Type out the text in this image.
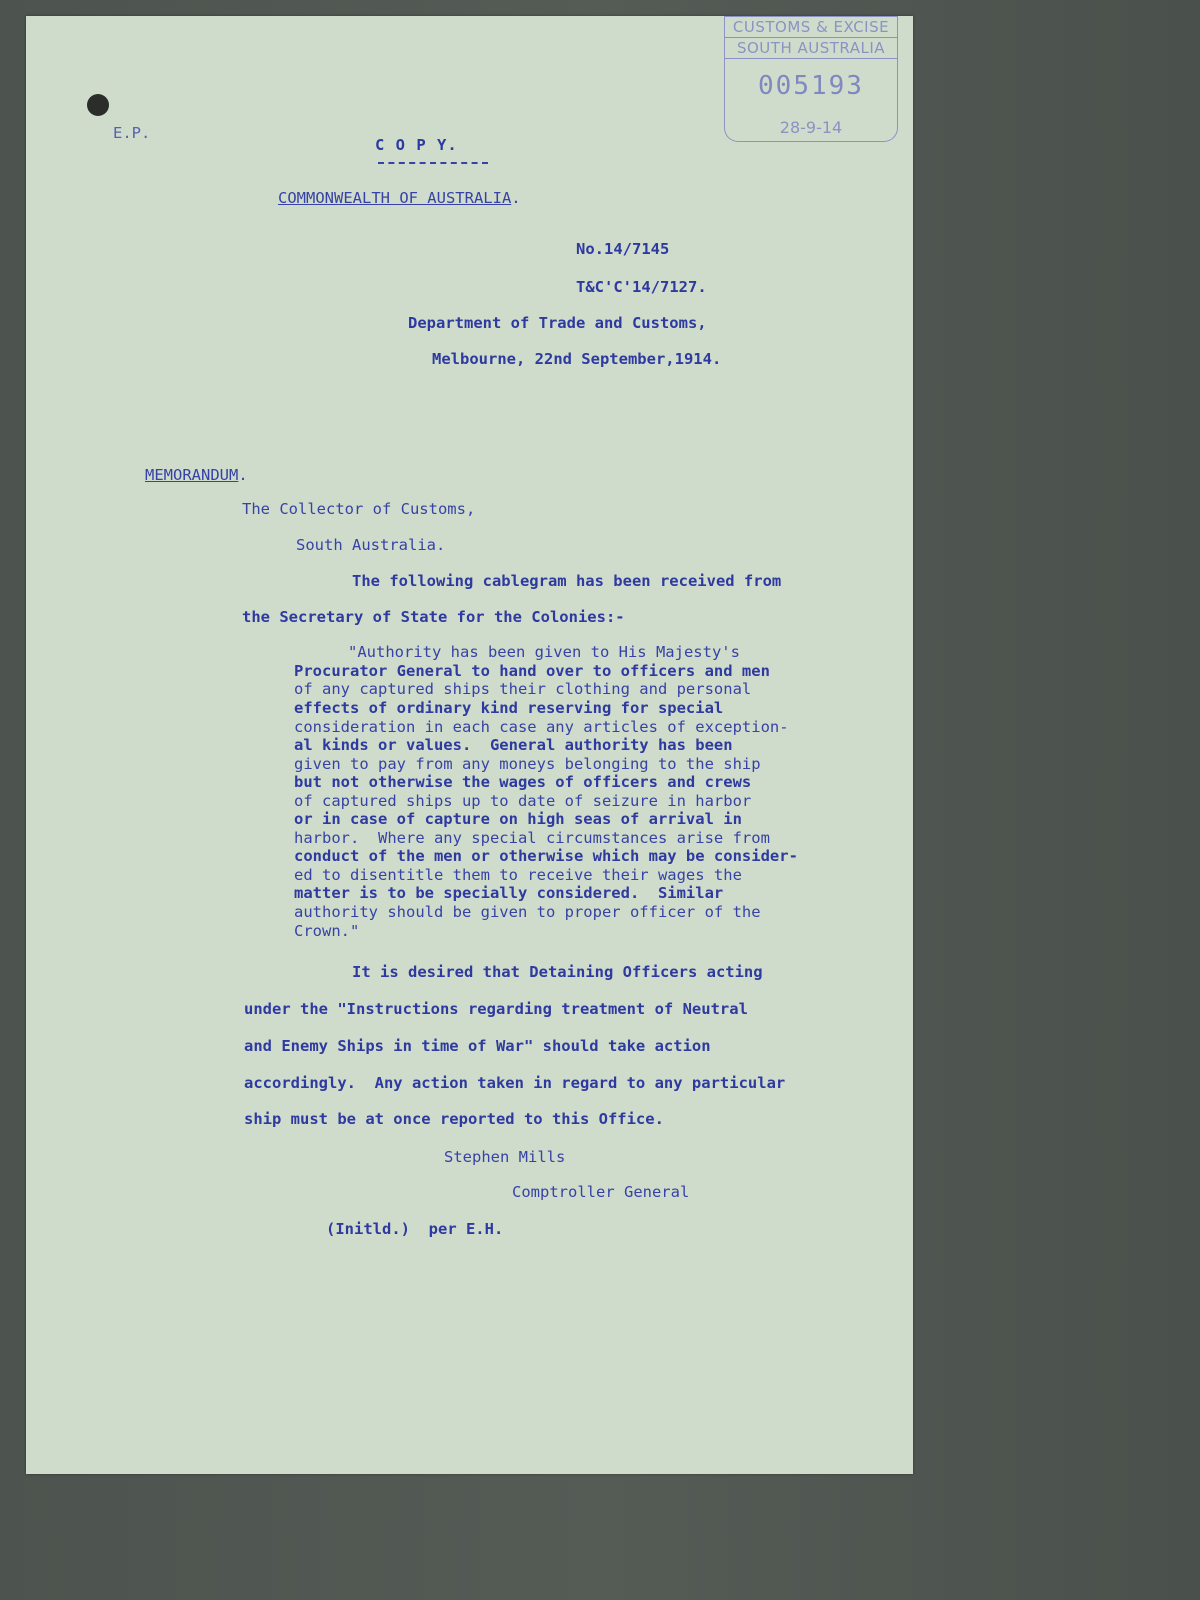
CUSTOMS & EXCISE
SOUTH AUSTRALIA
005193
28-9-14
E.P.
C O P Y.
COMMONWEALTH OF AUSTRALIA.
No.14/7145
T&C'C'14/7127.
Department of Trade and Customs,
Melbourne, 22nd September,1914.
MEMORANDUM.
The Collector of Customs,
South Australia.
The following cablegram has been received from
the Secretary of State for the Colonies:-
"Authority has been given to His Majesty's
Procurator General to hand over to officers and men
of any captured ships their clothing and personal
effects of ordinary kind reserving for special
consideration in each case any articles of exception-
al kinds or values.  General authority has been
given to pay from any moneys belonging to the ship
but not otherwise the wages of officers and crews
of captured ships up to date of seizure in harbor
or in case of capture on high seas of arrival in
harbor.  Where any special circumstances arise from
conduct of the men or otherwise which may be consider-
ed to disentitle them to receive their wages the
matter is to be specially considered.  Similar
authority should be given to proper officer of the
Crown."
It is desired that Detaining Officers acting
under the "Instructions regarding treatment of Neutral
and Enemy Ships in time of War" should take action
accordingly.  Any action taken in regard to any particular
ship must be at once reported to this Office.
Stephen Mills
Comptroller General
(Initld.)  per E.H.
